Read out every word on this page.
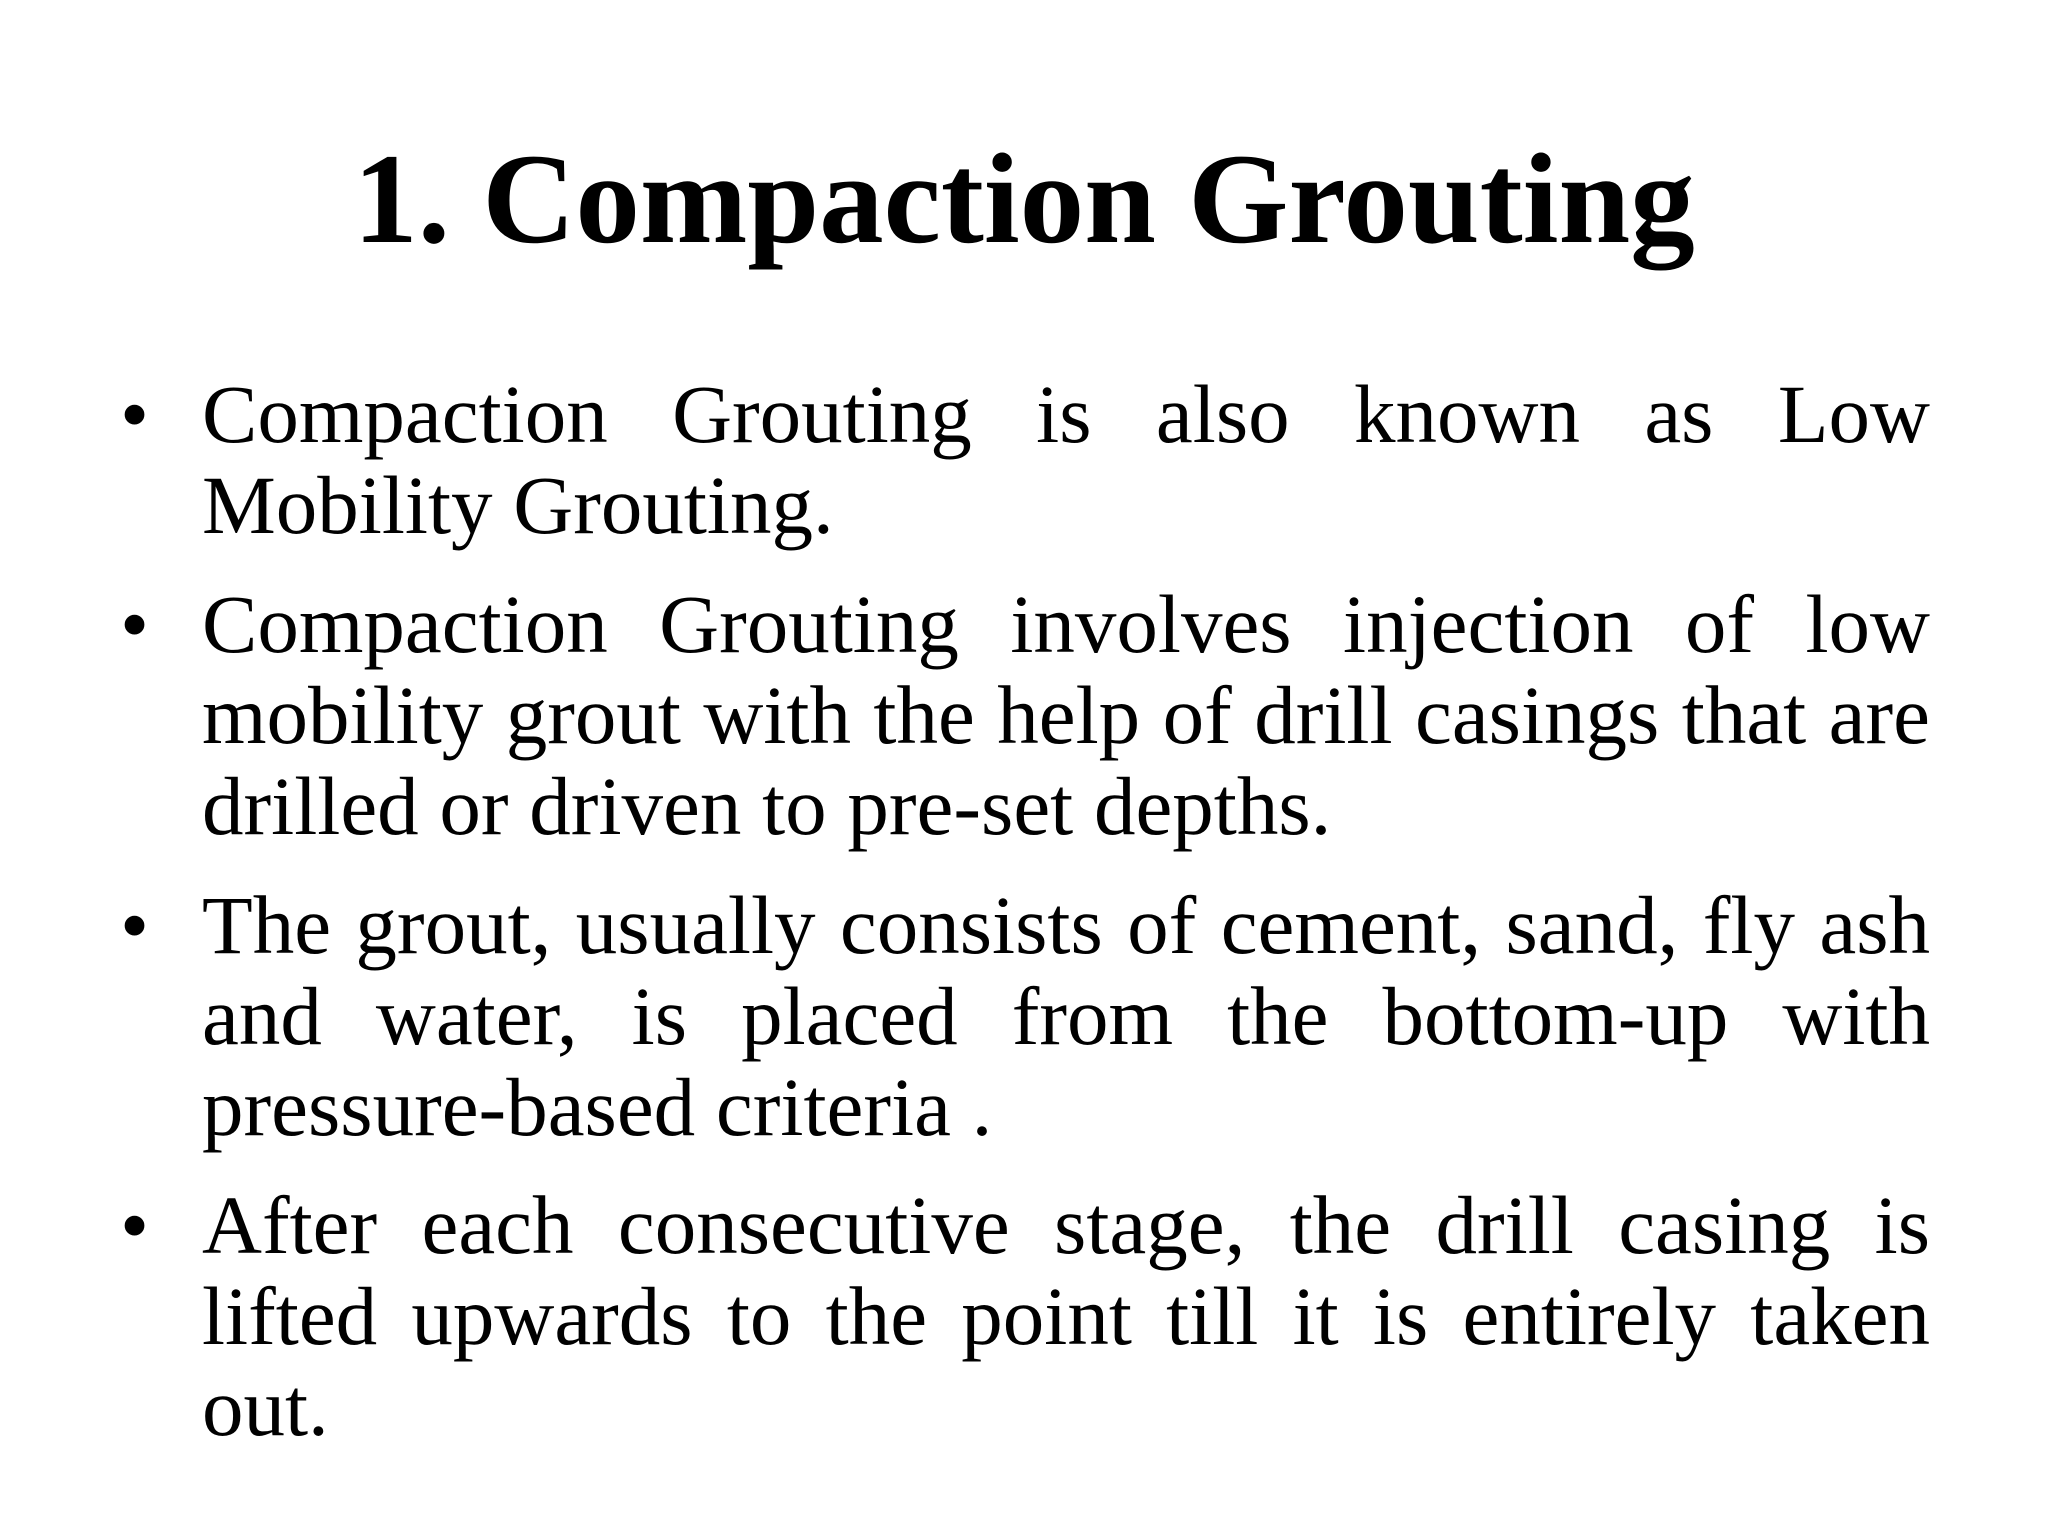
1. Compaction Grouting
• Compaction Grouting is also known as Low Mobility Grouting.
• Compaction Grouting involves injection of low mobility grout with the help of drill casings that are drilled or driven to pre-set depths.
• The grout, usually consists of cement, sand, fly ash and water, is placed from the bottom-up with pressure-based criteria .
• After each consecutive stage, the drill casing is lifted upwards to the point till it is entirely taken out.
